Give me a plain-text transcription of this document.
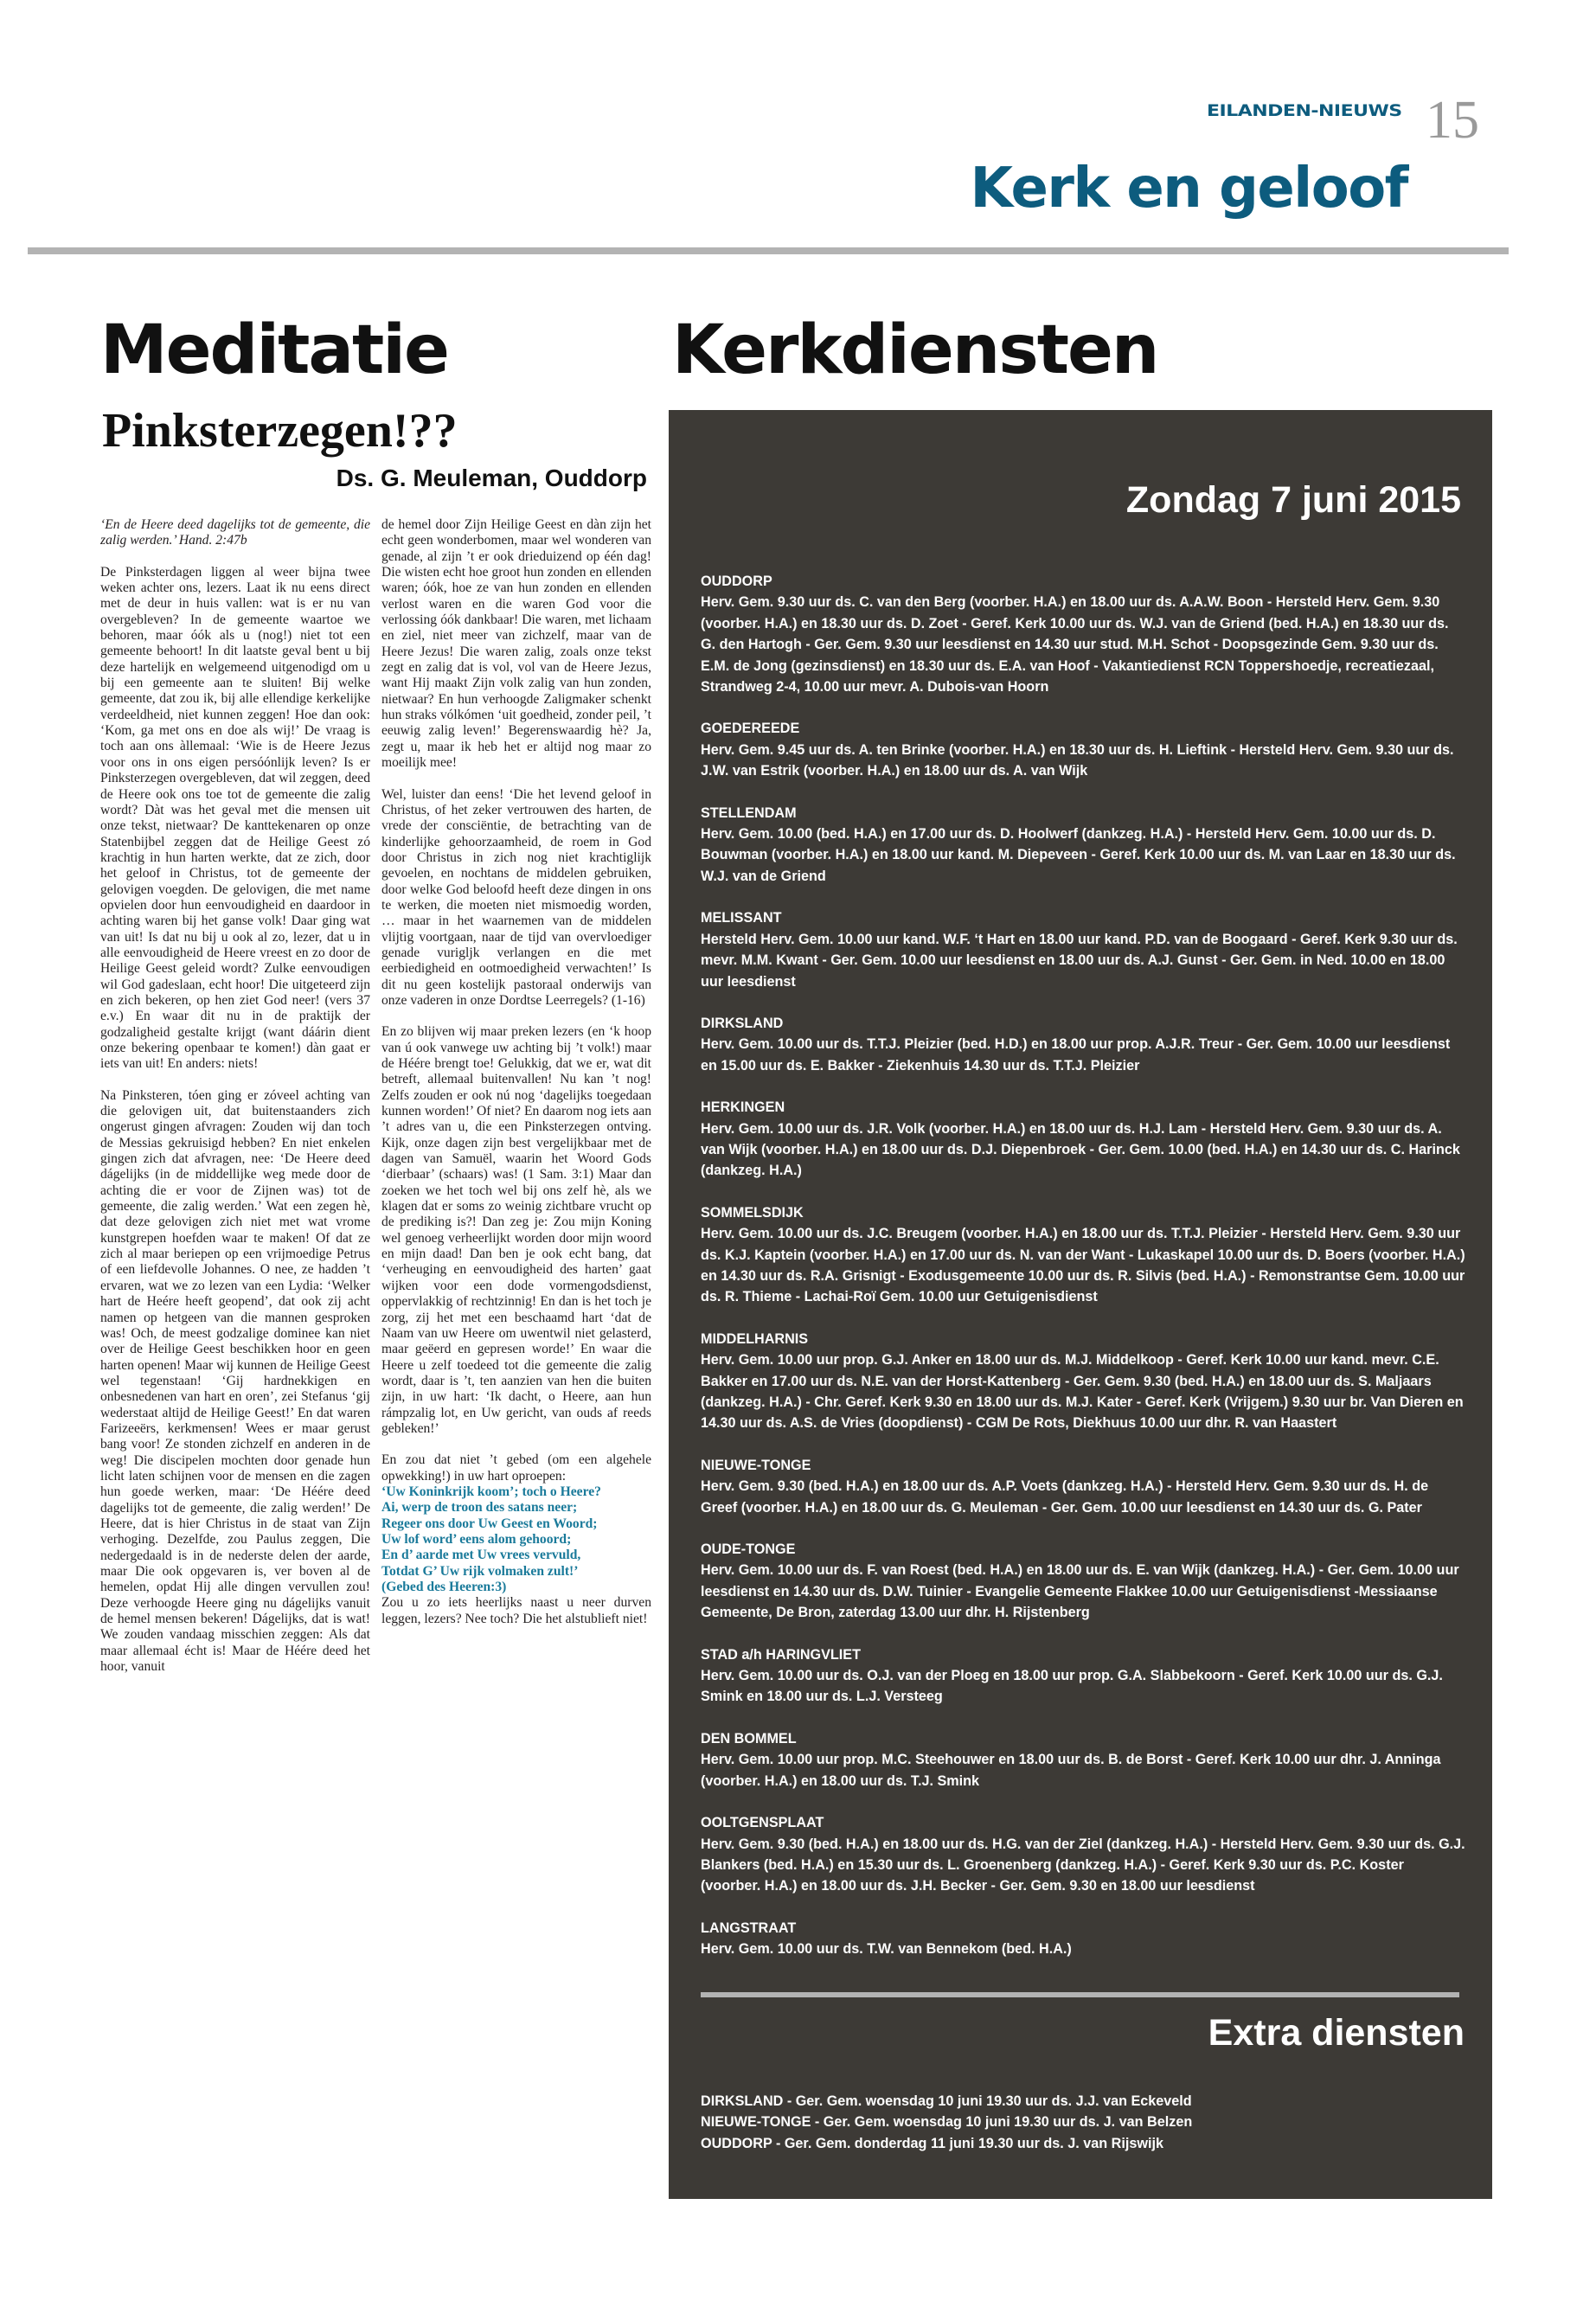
EILANDEN-NIEUWS 15
Kerk en geloof
Meditatie
Pinksterzegen!??
Ds. G. Meuleman, Ouddorp

‘En de Heere deed dagelijks tot de gemeente, die zalig werden.’ Hand. 2:47b

De Pinksterdagen liggen al weer bijna twee weken achter ons, lezers. Laat ik nu eens direct met de deur in huis vallen: wat is er nu van overgebleven? In de gemeente waartoe we behoren, maar óók als u (nog!) niet tot een gemeente behoort! In dit laatste geval bent u bij deze hartelijk en welgemeend uitgenodigd om u bij een gemeente aan te sluiten! Bij welke gemeente, dat zou ik, bij alle ellendige kerkelijke verdeeldheid, niet kunnen zeggen! Hoe dan ook: ‘Kom, ga met ons en doe als wij!’ De vraag is toch aan ons àllemaal: ‘Wie is de Heere Jezus voor ons in ons eigen persóónlijk leven? Is er Pinksterzegen overgebleven, dat wil zeggen, deed de Heere ook ons toe tot de gemeente die zalig wordt? Dàt was het geval met die mensen uit onze tekst, nietwaar? De kanttekenaren op onze Statenbijbel zeggen dat de Heilige Geest zó krachtig in hun harten werkte, dat ze zich, door het geloof in Christus, tot de gemeente der gelovigen voegden. De gelovigen, die met name opvielen door hun eenvoudigheid en daardoor in achting waren bij het ganse volk! Daar ging wat van uit! Is dat nu bij u ook al zo, lezer, dat u in alle eenvoudigheid de Heere vreest en zo door de Heilige Geest geleid wordt? Zulke eenvoudigen wil God gadeslaan, echt hoor! Die uitgeteerd zijn en zich bekeren, op hen ziet God neer! (vers 37 e.v.) En waar dit nu in de praktijk der godzaligheid gestalte krijgt (want dáárin dient onze bekering openbaar te komen!) dàn gaat er iets van uit! En anders: niets!

Na Pinksteren, tóen ging er zóveel achting van die gelovigen uit, dat buitenstaanders zich ongerust gingen afvragen: Zouden wij dan toch de Messias gekruisigd hebben? En niet enkelen gingen zich dat afvragen, nee: ‘De Heere deed dágelijks (in de middellijke weg mede door de achting die er voor de Zijnen was) tot de gemeente, die zalig werden.’ Wat een zegen hè, dat deze gelovigen zich niet met wat vrome kunstgrepen hoefden waar te maken! Of dat ze zich al maar beriepen op een vrijmoedige Petrus of een liefdevolle Johannes. O nee, ze hadden ’t ervaren, wat we zo lezen van een Lydia: ‘Welker hart de Heére heeft geopend’, dat ook zij acht namen op hetgeen van die mannen gesproken was! Och, de meest godzalige dominee kan niet over de Heilige Geest beschikken hoor en geen harten openen! Maar wij kunnen de Heilige Geest wel tegenstaan! ‘Gij hardnekkigen en onbesnedenen van hart en oren’, zei Stefanus ‘gij wederstaat altijd de Heilige Geest!’ En dat waren Farizeeërs, kerkmensen! Wees er maar gerust bang voor! Ze stonden zichzelf en anderen in de weg! Die discipelen mochten door genade hun licht laten schijnen voor de mensen en die zagen hun goede werken, maar: ‘De Héére deed dagelijks tot de gemeente, die zalig werden!’ De Heere, dat is hier Christus in de staat van Zijn verhoging. Dezelfde, zou Paulus zeggen, Die nedergedaald is in de nederste delen der aarde, maar Die ook opgevaren is, ver boven al de hemelen, opdat Hij alle dingen vervullen zou! Deze verhoogde Heere ging nu dágelijks vanuit de hemel mensen bekeren! Dágelijks, dat is wat! We zouden vandaag misschien zeggen: Als dat maar allemaal écht is! Maar de Héére deed het hoor, vanuit

de hemel door Zijn Heilige Geest en dàn zijn het echt geen wonderbomen, maar wel wonderen van genade, al zijn ’t er ook drieduizend op één dag! Die wisten echt hoe groot hun zonden en ellenden waren; óók, hoe ze van hun zonden en ellenden verlost waren en die waren God voor die verlossing óók dankbaar! Die waren, met lichaam en ziel, niet meer van zichzelf, maar van de Heere Jezus! Die waren zalig, zoals onze tekst zegt en zalig dat is vol, vol van de Heere Jezus, want Hij maakt Zijn volk zalig van hun zonden, nietwaar? En hun verhoogde Zaligmaker schenkt hun straks vólkómen ‘uit goedheid, zonder peil, ’t eeuwig zalig leven!’ Begerenswaardig hè? Ja, zegt u, maar ik heb het er altijd nog maar zo moeilijk mee!

Wel, luister dan eens! ‘Die het levend geloof in Christus, of het zeker vertrouwen des harten, de vrede der consciëntie, de betrachting van de kinderlijke gehoorzaamheid, de roem in God door Christus in zich nog niet krachtiglijk gevoelen, en nochtans de middelen gebruiken, door welke God beloofd heeft deze dingen in ons te werken, die moeten niet mismoedig worden, … maar in het waarnemen van de middelen vlijtig voortgaan, naar de tijd van overvloediger genade vurigljk verlangen en die met eerbiedigheid en ootmoedigheid verwachten!’ Is dit nu geen kostelijk pastoraal onderwijs van onze vaderen in onze Dordtse Leerregels? (1-16)

En zo blijven wij maar preken lezers (en ‘k hoop van ú ook vanwege uw achting bij ’t volk!) maar de Héére brengt toe! Gelukkig, dat we er, wat dit betreft, allemaal buitenvallen! Nu kan ’t nog! Zelfs zouden er ook nú nog ‘dagelijks toegedaan kunnen worden!’ Of niet? En daarom nog iets aan ’t adres van u, die een Pinksterzegen ontving. Kijk, onze dagen zijn best vergelijkbaar met de dagen van Samuël, waarin het Woord Gods ‘dierbaar’ (schaars) was! (1 Sam. 3:1) Maar dan zoeken we het toch wel bij ons zelf hè, als we klagen dat er soms zo weinig zichtbare vrucht op de prediking is?! Dan zeg je: Zou mijn Koning wel genoeg verheerlijkt worden door mijn woord en mijn daad! Dan ben je ook echt bang, dat ‘verheuging en eenvoudigheid des harten’ gaat wijken voor een dode vormengodsdienst, oppervlakkig of rechtzinnig! En dan is het toch je zorg, zij het met een beschaamd hart ‘dat de Naam van uw Heere om uwentwil niet gelasterd, maar geëerd en gepresen worde!’ En waar die Heere u zelf toedeed tot die gemeente die zalig wordt, daar is ’t, ten aanzien van hen die buiten zijn, in uw hart: ‘Ik dacht, o Heere, aan hun rámpzalig lot, en Uw gericht, van ouds af reeds gebleken!’

En zou dat niet ’t gebed (om een algehele opwekking!) in uw hart oproepen:

‘Uw Koninkrijk koom’; toch o Heere?
Ai, werp de troon des satans neer;
Regeer ons door Uw Geest en Woord;
Uw lof word’ eens alom gehoord;
En d’ aarde met Uw vrees vervuld,
Totdat G’ Uw rijk volmaken zult!’
(Gebed des Heeren:3)

Zou u zo iets heerlijks naast u neer durven leggen, lezers? Nee toch? Die het alstublieft niet!

Kerkdiensten
Zondag 7 juni 2015
OUDDORP
Herv. Gem. 9.30 uur ds. C. van den Berg (voorber. H.A.) en 18.00 uur ds. A.A.W. Boon - Hersteld Herv. Gem. 9.30 (voorber. H.A.) en 18.30 uur ds. D. Zoet - Geref. Kerk 10.00 uur ds. W.J. van de Griend (bed. H.A.) en 18.30 uur ds. G. den Hartogh - Ger. Gem. 9.30 uur leesdienst en 14.30 uur stud. M.H. Schot - Doopsgezinde Gem. 9.30 uur ds. E.M. de Jong (gezinsdienst) en 18.30 uur ds. E.A. van Hoof - Vakantiedienst RCN Toppershoedje, recreatiezaal, Strandweg 2-4, 10.00 uur mevr. A. Dubois-van Hoorn
GOEDEREEDE
Herv. Gem. 9.45 uur ds. A. ten Brinke (voorber. H.A.) en 18.30 uur ds. H. Lieftink - Hersteld Herv. Gem. 9.30 uur ds. J.W. van Estrik (voorber. H.A.) en 18.00 uur ds. A. van Wijk
STELLENDAM
Herv. Gem. 10.00 (bed. H.A.) en 17.00 uur ds. D. Hoolwerf (dankzeg. H.A.) - Hersteld Herv. Gem. 10.00 uur ds. D. Bouwman (voorber. H.A.) en 18.00 uur kand. M. Diepeveen - Geref. Kerk 10.00 uur ds. M. van Laar en 18.30 uur ds. W.J. van de Griend
MELISSANT
Hersteld Herv. Gem. 10.00 uur kand. W.F. ‘t Hart en 18.00 uur kand. P.D. van de Boogaard - Geref. Kerk 9.30 uur ds. mevr. M.M. Kwant - Ger. Gem. 10.00 uur leesdienst en 18.00 uur ds. A.J. Gunst - Ger. Gem. in Ned. 10.00 en 18.00 uur leesdienst
DIRKSLAND
Herv. Gem. 10.00 uur ds. T.T.J. Pleizier (bed. H.D.) en 18.00 uur prop. A.J.R. Treur - Ger. Gem. 10.00 uur leesdienst en 15.00 uur ds. E. Bakker - Ziekenhuis 14.30 uur ds. T.T.J. Pleizier
HERKINGEN
Herv. Gem. 10.00 uur ds. J.R. Volk (voorber. H.A.) en 18.00 uur ds. H.J. Lam - Hersteld Herv. Gem. 9.30 uur ds. A. van Wijk (voorber. H.A.) en 18.00 uur ds. D.J. Diepenbroek - Ger. Gem. 10.00 (bed. H.A.) en 14.30 uur ds. C. Harinck (dankzeg. H.A.)
SOMMELSDIJK
Herv. Gem. 10.00 uur ds. J.C. Breugem (voorber. H.A.) en 18.00 uur ds. T.T.J. Pleizier - Hersteld Herv. Gem. 9.30 uur ds. K.J. Kaptein (voorber. H.A.) en 17.00 uur ds. N. van der Want - Lukaskapel 10.00 uur ds. D. Boers (voorber. H.A.) en 14.30 uur ds. R.A. Grisnigt - Exodusgemeente 10.00 uur ds. R. Silvis (bed. H.A.) - Remonstrantse Gem. 10.00 uur ds. R. Thieme - Lachai-Roï Gem. 10.00 uur Getuigenisdienst
MIDDELHARNIS
Herv. Gem. 10.00 uur prop. G.J. Anker en 18.00 uur ds. M.J. Middelkoop - Geref. Kerk 10.00 uur kand. mevr. C.E. Bakker en 17.00 uur ds. N.E. van der Horst-Kattenberg - Ger. Gem. 9.30 (bed. H.A.) en 18.00 uur ds. S. Maljaars (dankzeg. H.A.) - Chr. Geref. Kerk 9.30 en 18.00 uur ds. M.J. Kater - Geref. Kerk (Vrijgem.) 9.30 uur br. Van Dieren en 14.30 uur ds. A.S. de Vries (doopdienst) - CGM De Rots, Diekhuus 10.00 uur dhr. R. van Haastert
NIEUWE-TONGE
Herv. Gem. 9.30 (bed. H.A.) en 18.00 uur ds. A.P. Voets (dankzeg. H.A.) - Hersteld Herv. Gem. 9.30 uur ds. H. de Greef (voorber. H.A.) en 18.00 uur ds. G. Meuleman - Ger. Gem. 10.00 uur leesdienst en 14.30 uur ds. G. Pater
OUDE-TONGE
Herv. Gem. 10.00 uur ds. F. van Roest (bed. H.A.) en 18.00 uur ds. E. van Wijk (dankzeg. H.A.) - Ger. Gem. 10.00 uur leesdienst en 14.30 uur ds. D.W. Tuinier - Evangelie Gemeente Flakkee 10.00 uur Getuigenisdienst -Messiaanse Gemeente, De Bron, zaterdag 13.00 uur dhr. H. Rijstenberg
STAD a/h HARINGVLIET
Herv. Gem. 10.00 uur ds. O.J. van der Ploeg en 18.00 uur prop. G.A. Slabbekoorn - Geref. Kerk 10.00 uur ds. G.J. Smink en 18.00 uur ds. L.J. Versteeg
DEN BOMMEL
Herv. Gem. 10.00 uur prop. M.C. Steehouwer en 18.00 uur ds. B. de Borst - Geref. Kerk 10.00 uur dhr. J. Anninga (voorber. H.A.) en 18.00 uur ds. T.J. Smink
OOLTGENSPLAAT
Herv. Gem. 9.30 (bed. H.A.) en 18.00 uur ds. H.G. van der Ziel (dankzeg. H.A.) - Hersteld Herv. Gem. 9.30 uur ds. G.J. Blankers (bed. H.A.) en 15.30 uur ds. L. Groenenberg (dankzeg. H.A.) - Geref. Kerk 9.30 uur ds. P.C. Koster (voorber. H.A.) en 18.00 uur ds. J.H. Becker - Ger. Gem. 9.30 en 18.00 uur leesdienst
LANGSTRAAT
Herv. Gem. 10.00 uur ds. T.W. van Bennekom (bed. H.A.)
Extra diensten
DIRKSLAND - Ger. Gem. woensdag 10 juni 19.30 uur ds. J.J. van Eckeveld
NIEUWE-TONGE - Ger. Gem. woensdag 10 juni 19.30 uur ds. J. van Belzen
OUDDORP - Ger. Gem. donderdag 11 juni 19.30 uur ds. J. van Rijswijk
